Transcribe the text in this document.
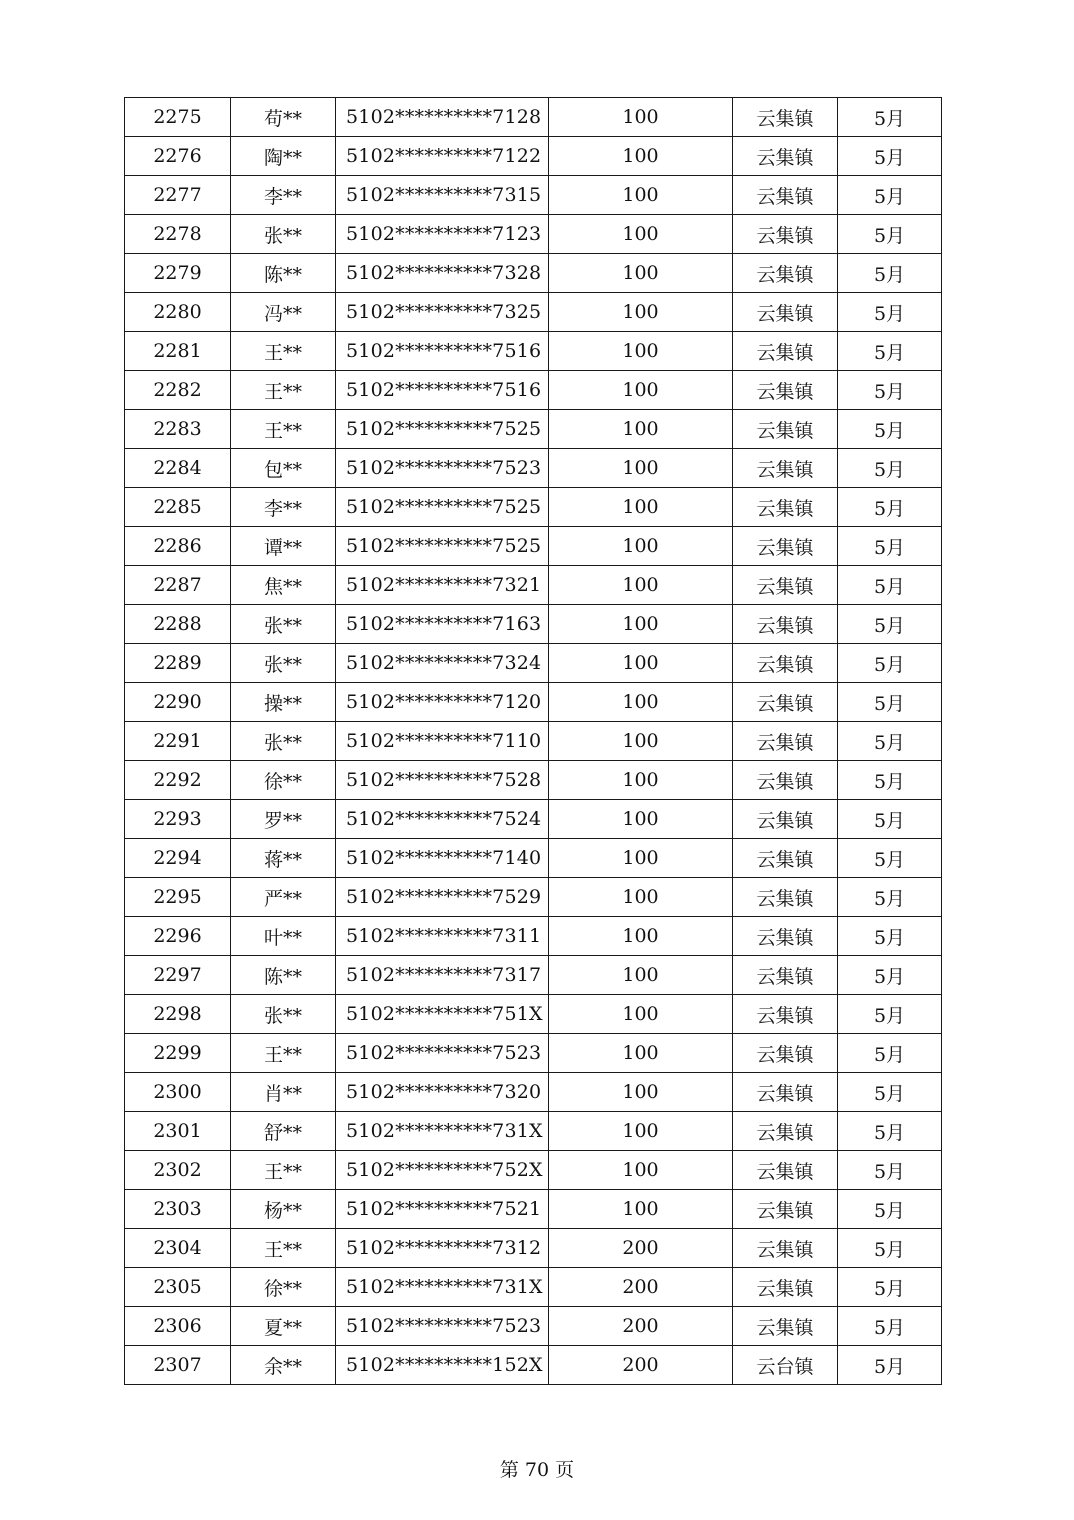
2275	苟**	5102**********7128	100	云集镇	5月
2276	陶**	5102**********7122	100	云集镇	5月
2277	李**	5102**********7315	100	云集镇	5月
2278	张**	5102**********7123	100	云集镇	5月
2279	陈**	5102**********7328	100	云集镇	5月
2280	冯**	5102**********7325	100	云集镇	5月
2281	王**	5102**********7516	100	云集镇	5月
2282	王**	5102**********7516	100	云集镇	5月
2283	王**	5102**********7525	100	云集镇	5月
2284	包**	5102**********7523	100	云集镇	5月
2285	李**	5102**********7525	100	云集镇	5月
2286	谭**	5102**********7525	100	云集镇	5月
2287	焦**	5102**********7321	100	云集镇	5月
2288	张**	5102**********7163	100	云集镇	5月
2289	张**	5102**********7324	100	云集镇	5月
2290	操**	5102**********7120	100	云集镇	5月
2291	张**	5102**********7110	100	云集镇	5月
2292	徐**	5102**********7528	100	云集镇	5月
2293	罗**	5102**********7524	100	云集镇	5月
2294	蒋**	5102**********7140	100	云集镇	5月
2295	严**	5102**********7529	100	云集镇	5月
2296	叶**	5102**********7311	100	云集镇	5月
2297	陈**	5102**********7317	100	云集镇	5月
2298	张**	5102**********751X	100	云集镇	5月
2299	王**	5102**********7523	100	云集镇	5月
2300	肖**	5102**********7320	100	云集镇	5月
2301	舒**	5102**********731X	100	云集镇	5月
2302	王**	5102**********752X	100	云集镇	5月
2303	杨**	5102**********7521	100	云集镇	5月
2304	王**	5102**********7312	200	云集镇	5月
2305	徐**	5102**********731X	200	云集镇	5月
2306	夏**	5102**********7523	200	云集镇	5月
2307	余**	5102**********152X	200	云台镇	5月
第 70 页
